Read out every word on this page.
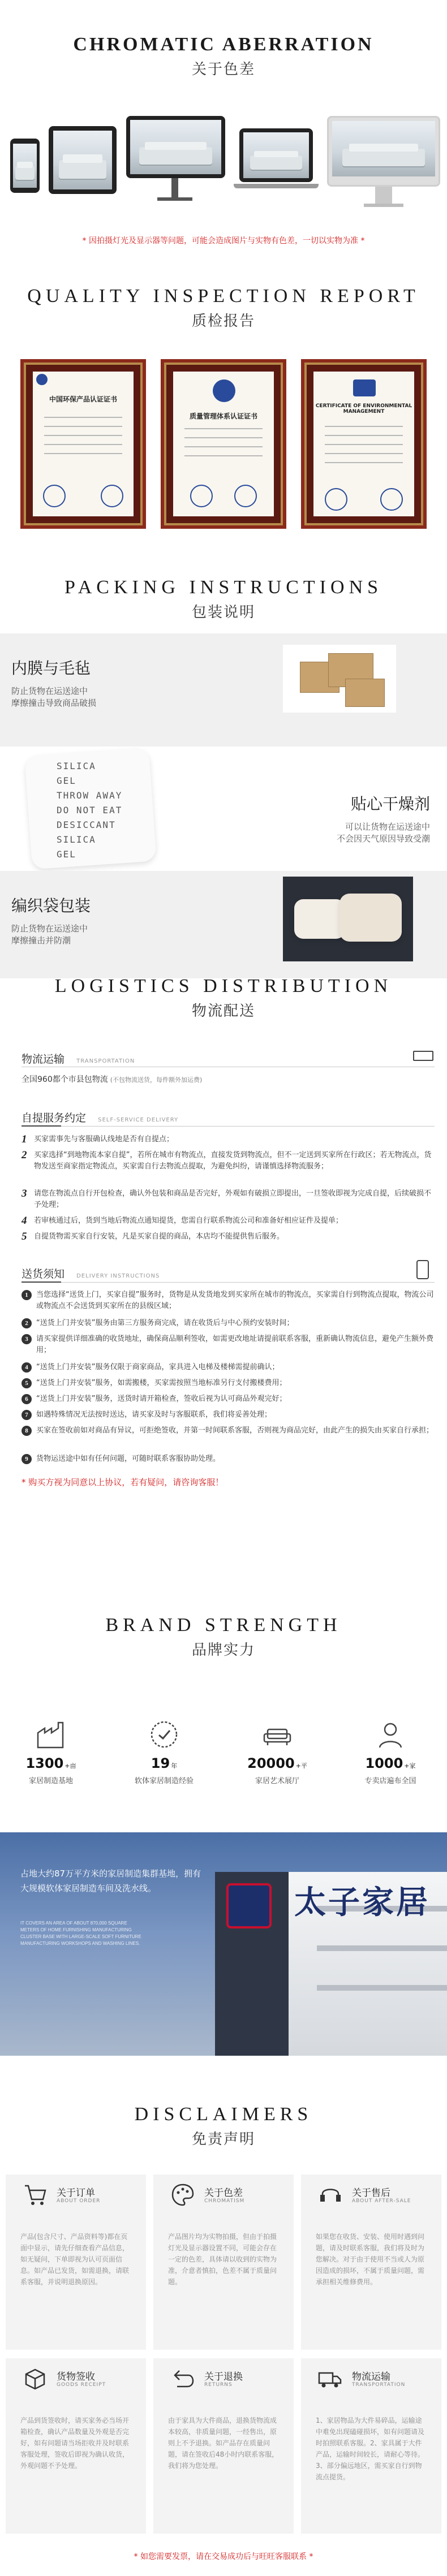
CHROMATIC ABERRATION
关于色差
* 因拍摄灯光及显示器等问题，可能会造成图片与实物有色差，一切以实物为准 *
QUALITY INSPECTION REPORT
质检报告
中国环保产品认证证书
质量管理体系认证证书
CERTIFICATE OF ENVIRONMENTAL MANAGEMENT
PACKING INSTRUCTIONS
包装说明
内膜与毛毡

防止货物在运送途中

摩擦撞击导致商品破损

SILICA
GEL
THROW AWAY
DO NOT EAT
DESICCANT
SILICA
GEL
贴心干燥剂

可以让货物在运送途中

不会因天气原因导致受潮

编织袋包装

防止货物在运送途中

摩擦撞击并防潮

LOGISTICS DISTRIBUTION
物流配送
物流运输 TRANSPORTATION
全国960都个市县包物流 (不包物流送货，每件额外加运费)
自提服务约定 SELF-SERVICE DELIVERY
1 买家需事先与客服确认线地是否有自提点；
2 买家选择“到地物流本家自提”，若所在城市有物流点，直接发货到物流点，但不一定送到买家所在行政区；若无物流点，货物发送至商家指定物流点，买家需自行去物流点提取，为避免纠纷，请谨慎选择物流服务；
3 请您在物流点自行开包检查，确认外包装和商品是否完好，外观如有破损立即提出，一旦签收即视为完成自提，后续破损不予处理；
4 若审核通过后，货到当地后物流点通知提货，您需自行联系物流公司和准备好相应证件及提单；
5 自提货物需买家自行安装，凡是买家自提的商品，本店均不能提供售后服务。
送货须知 DELIVERY INSTRUCTIONS
1	当您选择“送货上门，买家自提”服务时，货物是从发货地发到买家所在城市的物流点，买家需自行到物流点提取，物流公司或物流点不会送货到买家所在的县级区域；
2	“送货上门并安装”服务由第三方服务商完成，请在收货后与中心预约安装时间；
3	请买家提供详细准确的收货地址，确保商品顺利签收，如需更改地址请提前联系客服，重新确认物流信息，避免产生额外费用；
4	“送货上门并安装”服务仅限于商家商品，家具进入电梯及楼梯需提前确认；
5	“送货上门并安装”服务，如需搬楼，买家需按照当地标准另行支付搬楼费用；
6	“送货上门并安装”服务，送货时请开箱检查，签收后视为认可商品外观完好；
7	如遇特殊情况无法按时送达，请买家及时与客服联系，我们将妥善处理；
8	买家在签收前如对商品有异议，可拒绝签收，并第一时间联系客服，否则视为商品完好，由此产生的损失由买家自行承担；
9	货物运送途中如有任何问题，可随时联系客服协助处理。
* 购买方视为同意以上协议，若有疑问，请咨询客服！
BRAND STRENGTH
品牌实力
1300 +亩
家居制造基地
19 年
软体家居制造经验
20000 +平
家居艺术展厅
1000 +家
专卖店遍布全国
太子家居
占地大约87万平方米的家居制造集群基地，拥有大规模软体家居制造车间及洗水线。
IT COVERS AN AREA OF ABOUT 870,000 SQUARE METERS OF HOME FURNISHING MANUFACTURING CLUSTER BASE WITH LARGE-SCALE SOFT FURNITURE MANUFACTURING WORKSHOPS AND WASHING LINES.
DISCLAIMERS
免责声明
关于订单
ABOUT ORDER
产品(包含尺寸、产品资料等)都在页面中显示，请先仔细查看产品信息，如无疑问，下单即视为认可页面信息。如产品已发货，如需退换，请联系客服，并说明退换原因。
关于色差
CHROMATISM
产品图片均为实物拍摄，但由于拍摄灯光及显示器设置不同，可能会存在一定的色差，具体请以收到的实物为准，介意者慎拍，色差不属于质量问题。
关于售后
ABOUT AFTER-SALE
如果您在收货、安装、使用时遇到问题，请及时联系客服，我们将及时为您解决。对于由于使用不当或人为原因造成的损坏，不属于质量问题，需承担相关维修费用。
货物签收
GOODS RECEIPT
产品到货签收时，请买家务必当场开箱检查，确认产品数量及外观是否完好，如有问题请当场拒收并及时联系客服处理，签收后即视为确认收货，外观问题不予处理。
关于退换
RETURNS
由于家具为大件商品，退换货物流成本较高，非质量问题，一经售出，原则上不予退换。如产品存在质量问题，请在签收后48小时内联系客服，我们将为您处理。
物流运输
TRANSPORTATION
1、家居物品为大件易碎品，运输途中难免出现磕碰损坏，如有问题请及时拍照联系客服。2、家具属于大件产品，运输时间较长，请耐心等待。3、部分偏远地区，需买家自行到物流点提货。
* 如您需要发票，请在交易成功后与旺旺客服联系 *
